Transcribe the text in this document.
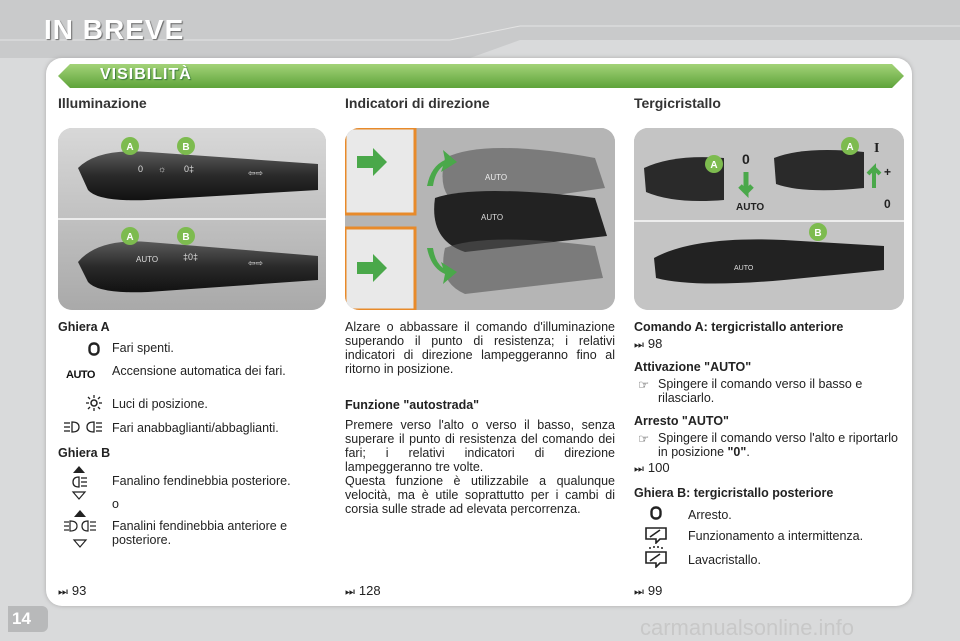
IN BREVE
VISIBILITÀ
Illuminazione
0 ☼ 0‡	⇦⇨
AUTO	‡0‡
⇦⇨
A	B
A	B
Ghiera A
Fari spenti.
AUTO Accensione automatica dei fari.
Luci di posizione.
Fari anabbaglianti/abbaglianti.
Ghiera B
Fanalino fendinebbia posteriore.
o
Fanalini fendinebbia anteriore e posteriore.
⏭ 93
Indicatori di direzione
AUTO
AUTO
Alzare o abbassare il comando d'illuminazione superando il punto di resistenza; i relativi indicatori di direzione lampeggeranno fino al ritorno in posizione.
Funzione "autostrada"
Premere verso l'alto o verso il basso, senza superare il punto di resistenza del comando dei fari; i relativi indicatori di direzione lampeggeranno tre volte.
Questa funzione è utilizzabile a qualunque velocità, ma è utile soprattutto per i cambi di corsia sulle strade ad elevata percorrenza.
⏭ 128
Tergicristallo
0
AUTO
I
+
0
AUTO
A
A
B
Comando A: tergicristallo anteriore
⏭ 98
Attivazione "AUTO"
☞ Spingere il comando verso il basso e rilasciarlo.
Arresto "AUTO"
☞ Spingere il comando verso l'alto e riportarlo in posizione "0".
⏭ 100
Ghiera B: tergicristallo posteriore
Arresto.
Funzionamento a intermittenza.
Lavacristallo.
⏭ 99
14	carmanualsonline.info
